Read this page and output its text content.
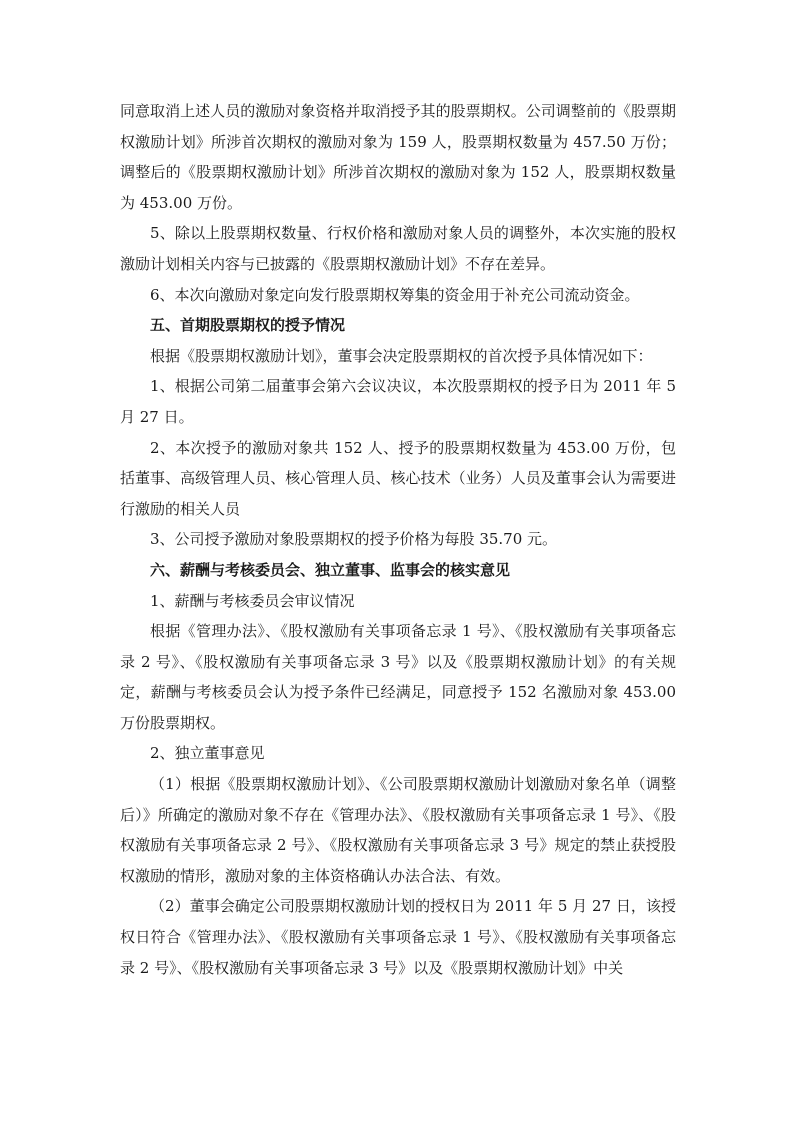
同意取消上述人员的激励对象资格并取消授予其的股票期权。公司调整前的《股票期权激励计划》所涉首次期权的激励对象为 159 人，股票期权数量为 457.50 万份；调整后的《股票期权激励计划》所涉首次期权的激励对象为 152 人，股票期权数量为 453.00 万份。

5、除以上股票期权数量、行权价格和激励对象人员的调整外，本次实施的股权激励计划相关内容与已披露的《股票期权激励计划》不存在差异。

6、本次向激励对象定向发行股票期权筹集的资金用于补充公司流动资金。

五、首期股票期权的授予情况

根据《股票期权激励计划》，董事会决定股票期权的首次授予具体情况如下：

1、根据公司第二届董事会第六会议决议，本次股票期权的授予日为 2011 年 5 月 27 日。

2、本次授予的激励对象共 152 人、授予的股票期权数量为 453.00 万份，包括董事、高级管理人员、核心管理人员、核心技术（业务）人员及董事会认为需要进行激励的相关人员

3、公司授予激励对象股票期权的授予价格为每股 35.70 元。

六、薪酬与考核委员会、独立董事、监事会的核实意见

1、薪酬与考核委员会审议情况

根据《管理办法》、《股权激励有关事项备忘录 1 号》、《股权激励有关事项备忘录 2 号》、《股权激励有关事项备忘录 3 号》以及《股票期权激励计划》的有关规定，薪酬与考核委员会认为授予条件已经满足，同意授予 152 名激励对象 453.00 万份股票期权。

2、独立董事意见

（1）根据《股票期权激励计划》、《公司股票期权激励计划激励对象名单（调整后）》所确定的激励对象不存在《管理办法》、《股权激励有关事项备忘录 1 号》、《股权激励有关事项备忘录 2 号》、《股权激励有关事项备忘录 3 号》规定的禁止获授股权激励的情形，激励对象的主体资格确认办法合法、有效。

（2）董事会确定公司股票期权激励计划的授权日为 2011 年 5 月 27 日，该授权日符合《管理办法》、《股权激励有关事项备忘录 1 号》、《股权激励有关事项备忘录 2 号》、《股权激励有关事项备忘录 3 号》以及《股票期权激励计划》中关
